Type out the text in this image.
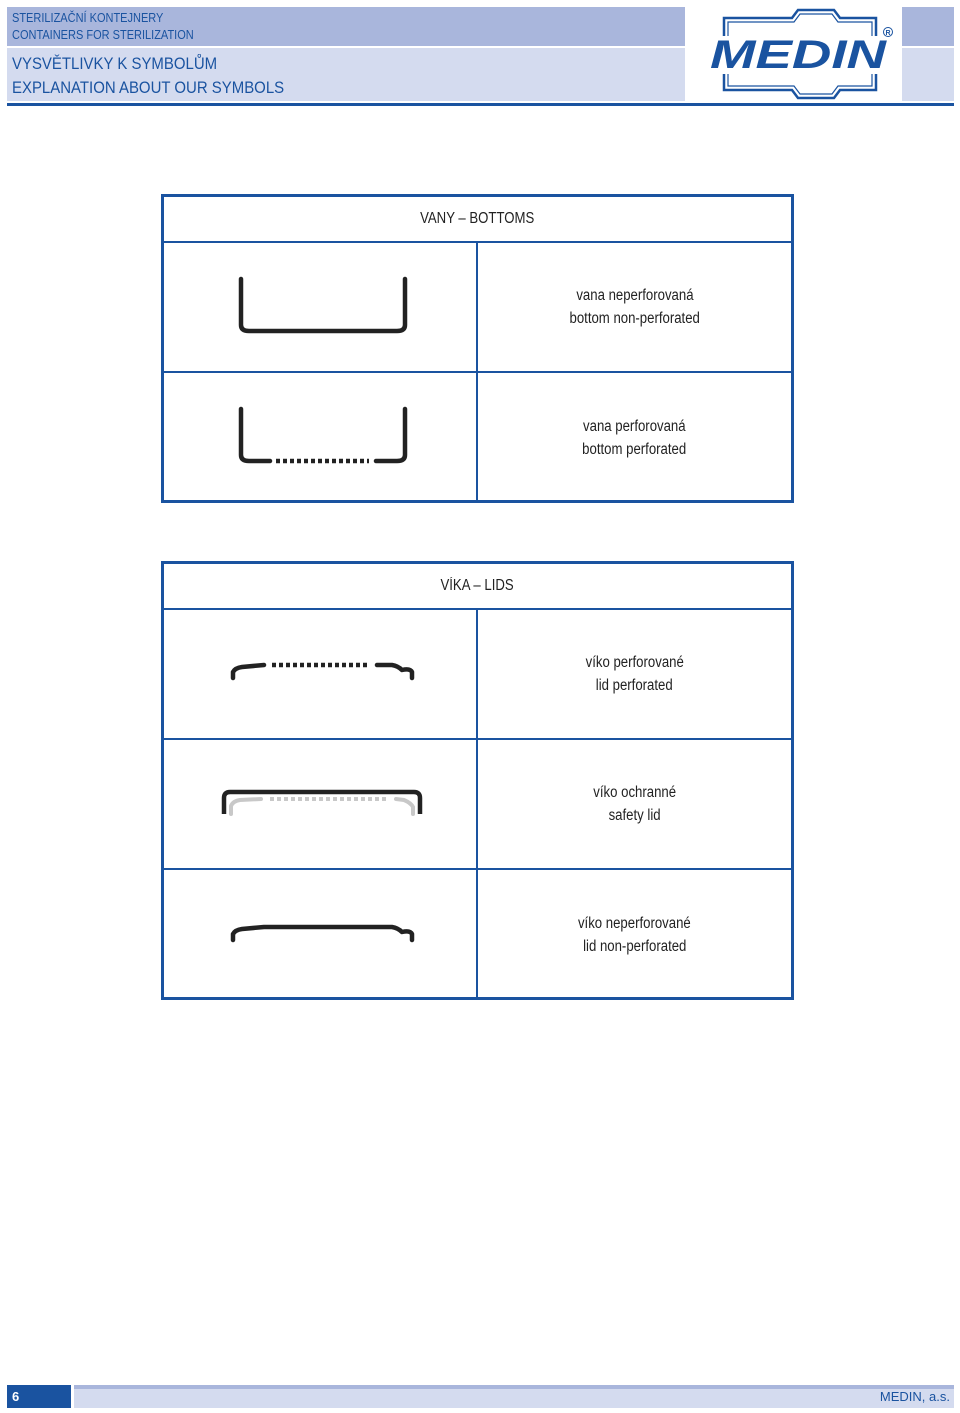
STERILIZAČNÍ KONTEJNERY
CONTAINERS FOR STERILIZATION
VYSVĚTLIVKY K SYMBOLŮM
EXPLANATION ABOUT OUR SYMBOLS
MEDIN
R
VANY – BOTTOMS
vana neperforovaná
bottom non-perforated
vana perforovaná
bottom perforated
VÍKA – LIDS
víko perforované
lid perforated
víko ochranné
safety lid
víko neperforované
lid non-perforated
6	MEDIN, a.s.
